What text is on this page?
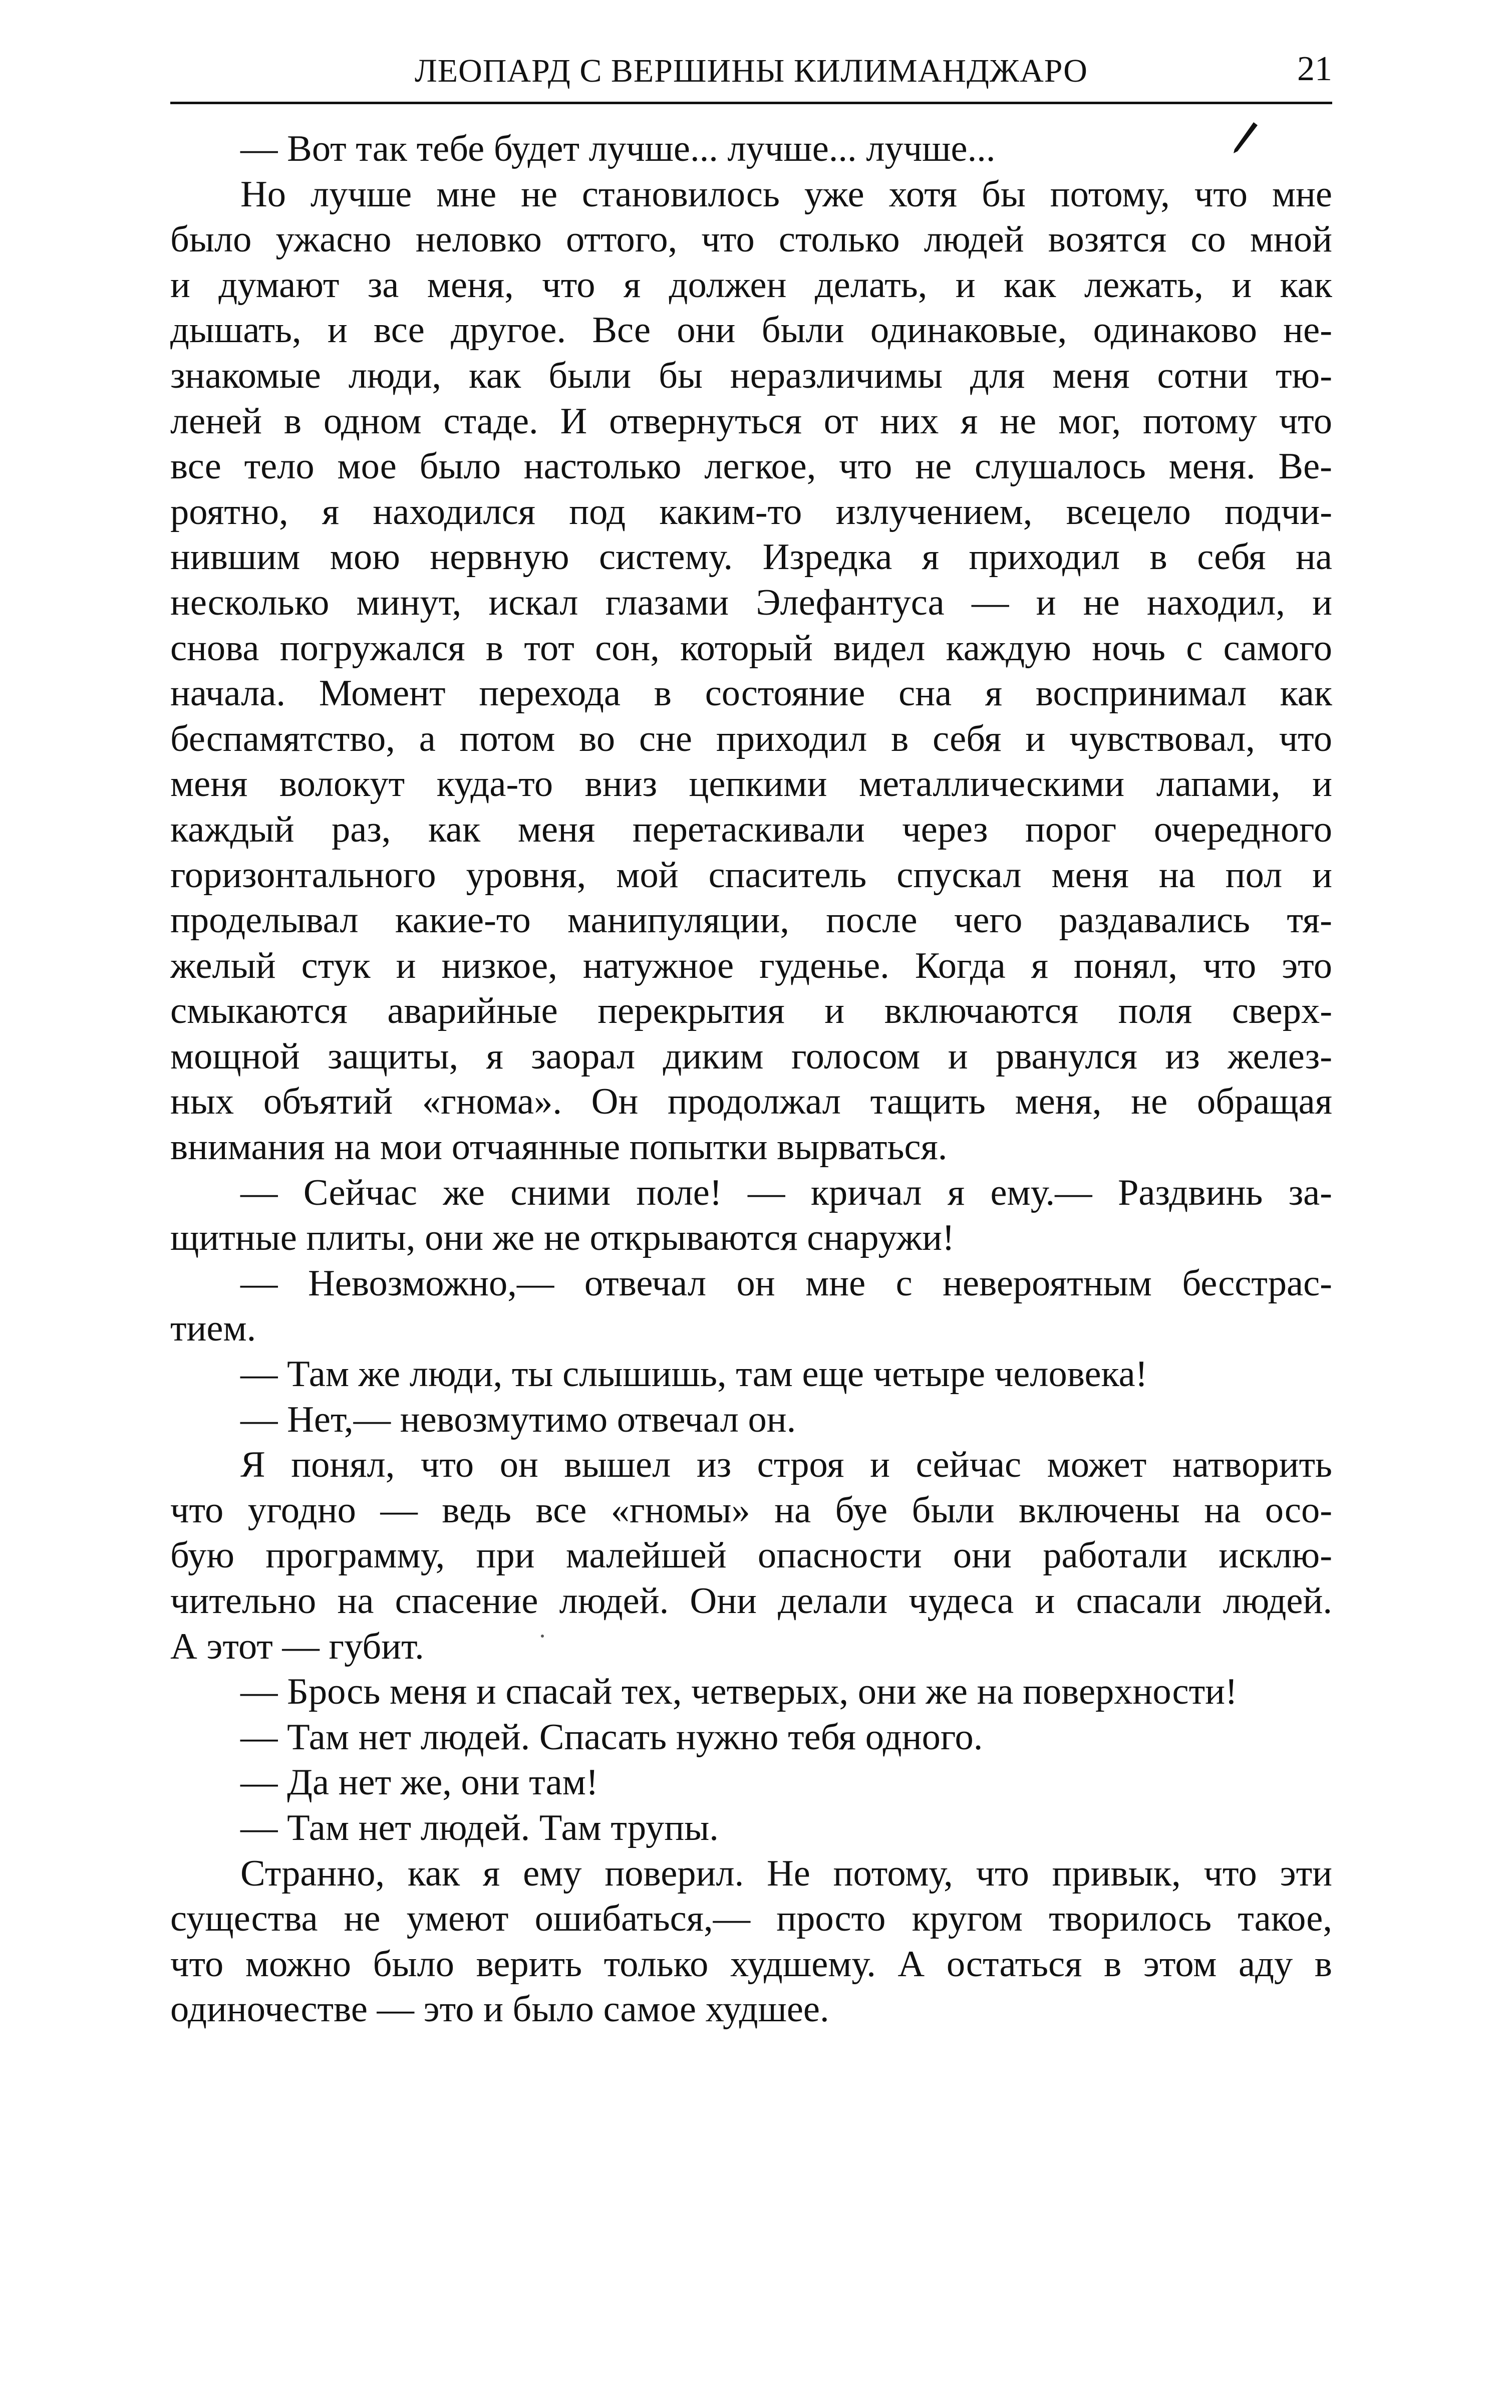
ЛЕОПАРД С ВЕРШИНЫ КИЛИМАНДЖАРО	21
— Вот так тебе будет лучше... лучше... лучше...
Но лучше мне не становилось уже хотя бы потому, что мне
было ужасно неловко оттого, что столько людей возятся со мной
и думают за меня, что я должен делать, и как лежать, и как
дышать, и все другое. Все они были одинаковые, одинаково не-
знакомые люди, как были бы неразличимы для меня сотни тю-
леней в одном стаде. И отвернуться от них я не мог, потому что
все тело мое было настолько легкое, что не слушалось меня. Ве-
роятно, я находился под каким-то излучением, всецело подчи-
нившим мою нервную систему. Изредка я приходил в себя на
несколько минут, искал глазами Элефантуса — и не находил, и
снова погружался в тот сон, который видел каждую ночь с самого
начала. Момент перехода в состояние сна я воспринимал как
беспамятство, а потом во сне приходил в себя и чувствовал, что
меня волокут куда-то вниз цепкими металлическими лапами, и
каждый раз, как меня перетаскивали через порог очередного
горизонтального уровня, мой спаситель спускал меня на пол и
проделывал какие-то манипуляции, после чего раздавались тя-
желый стук и низкое, натужное гуденье. Когда я понял, что это
смыкаются аварийные перекрытия и включаются поля сверх-
мощной защиты, я заорал диким голосом и рванулся из желез-
ных объятий «гнома». Он продолжал тащить меня, не обращая
внимания на мои отчаянные попытки вырваться.
— Сейчас же сними поле! — кричал я ему.— Раздвинь за-
щитные плиты, они же не открываются снаружи!
— Невозможно,— отвечал он мне с невероятным бесстрас-
тием.
— Там же люди, ты слышишь, там еще четыре человека!
— Нет,— невозмутимо отвечал он.
Я понял, что он вышел из строя и сейчас может натворить
что угодно — ведь все «гномы» на буе были включены на осо-
бую программу, при малейшей опасности они работали исклю-
чительно на спасение людей. Они делали чудеса и спасали людей.
А этот — губит.
— Брось меня и спасай тех, четверых, они же на поверхности!
— Там нет людей. Спасать нужно тебя одного.
— Да нет же, они там!
— Там нет людей. Там трупы.
Странно, как я ему поверил. Не потому, что привык, что эти
существа не умеют ошибаться,— просто кругом творилось такое,
что можно было верить только худшему. А остаться в этом аду в
одиночестве — это и было самое худшее.
